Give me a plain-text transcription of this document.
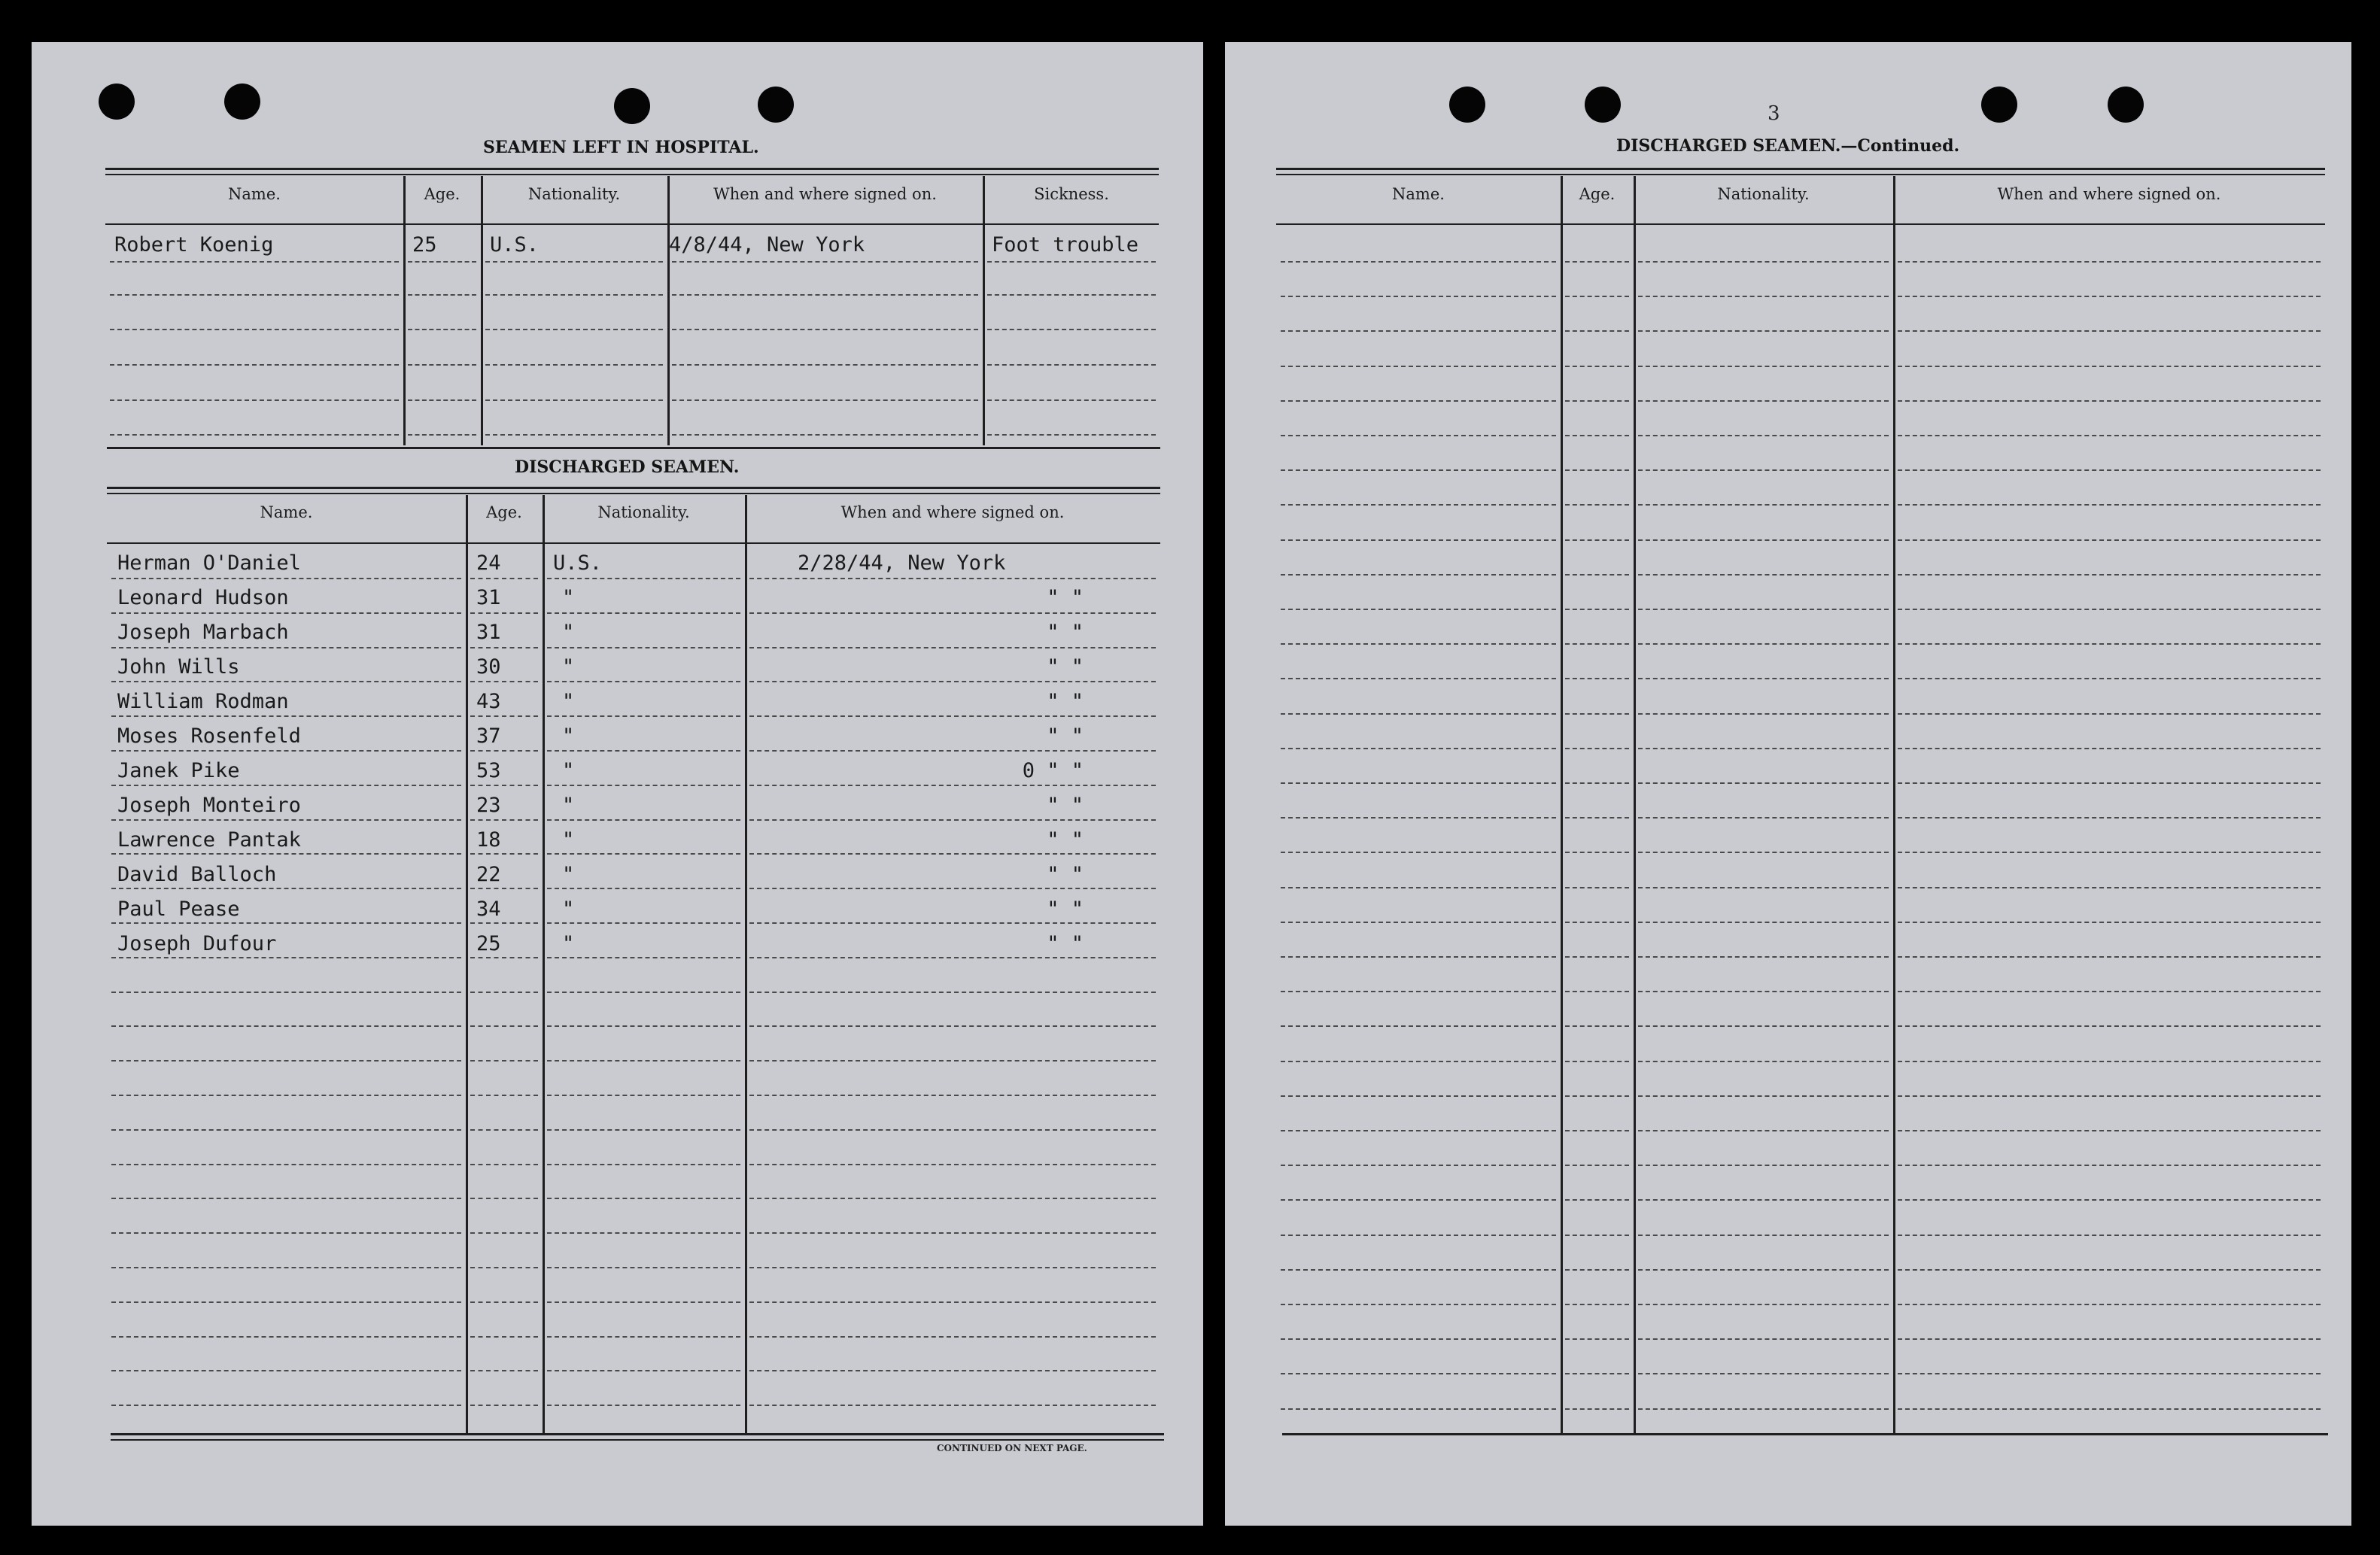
SEAMEN LEFT IN HOSPITAL.
Name.	Age.	Nationality.	When and where signed on.	Sickness.
Robert Koenig	25	U.S.	4/8/44, New York	Foot trouble
DISCHARGED SEAMEN.
Name.	Age.	Nationality.	When and where signed on.
Herman O'Daniel	24	U.S.	2/28/44, New York
Leonard Hudson	31	"	" "
Joseph Marbach	31	"	" "
John Wills	30	"	" "
William Rodman	43	"	" "
Moses Rosenfeld	37	"	" "
Janek Pike	53	"	0 " "
Joseph Monteiro	23	"	" "
Lawrence Pantak	18	"	" "
David Balloch	22	"	" "
Paul Pease	34	"	" "
Joseph Dufour	25	"	" "
CONTINUED ON NEXT PAGE.
3
DISCHARGED SEAMEN.—Continued.
Name.	Age.	Nationality.	When and where signed on.
